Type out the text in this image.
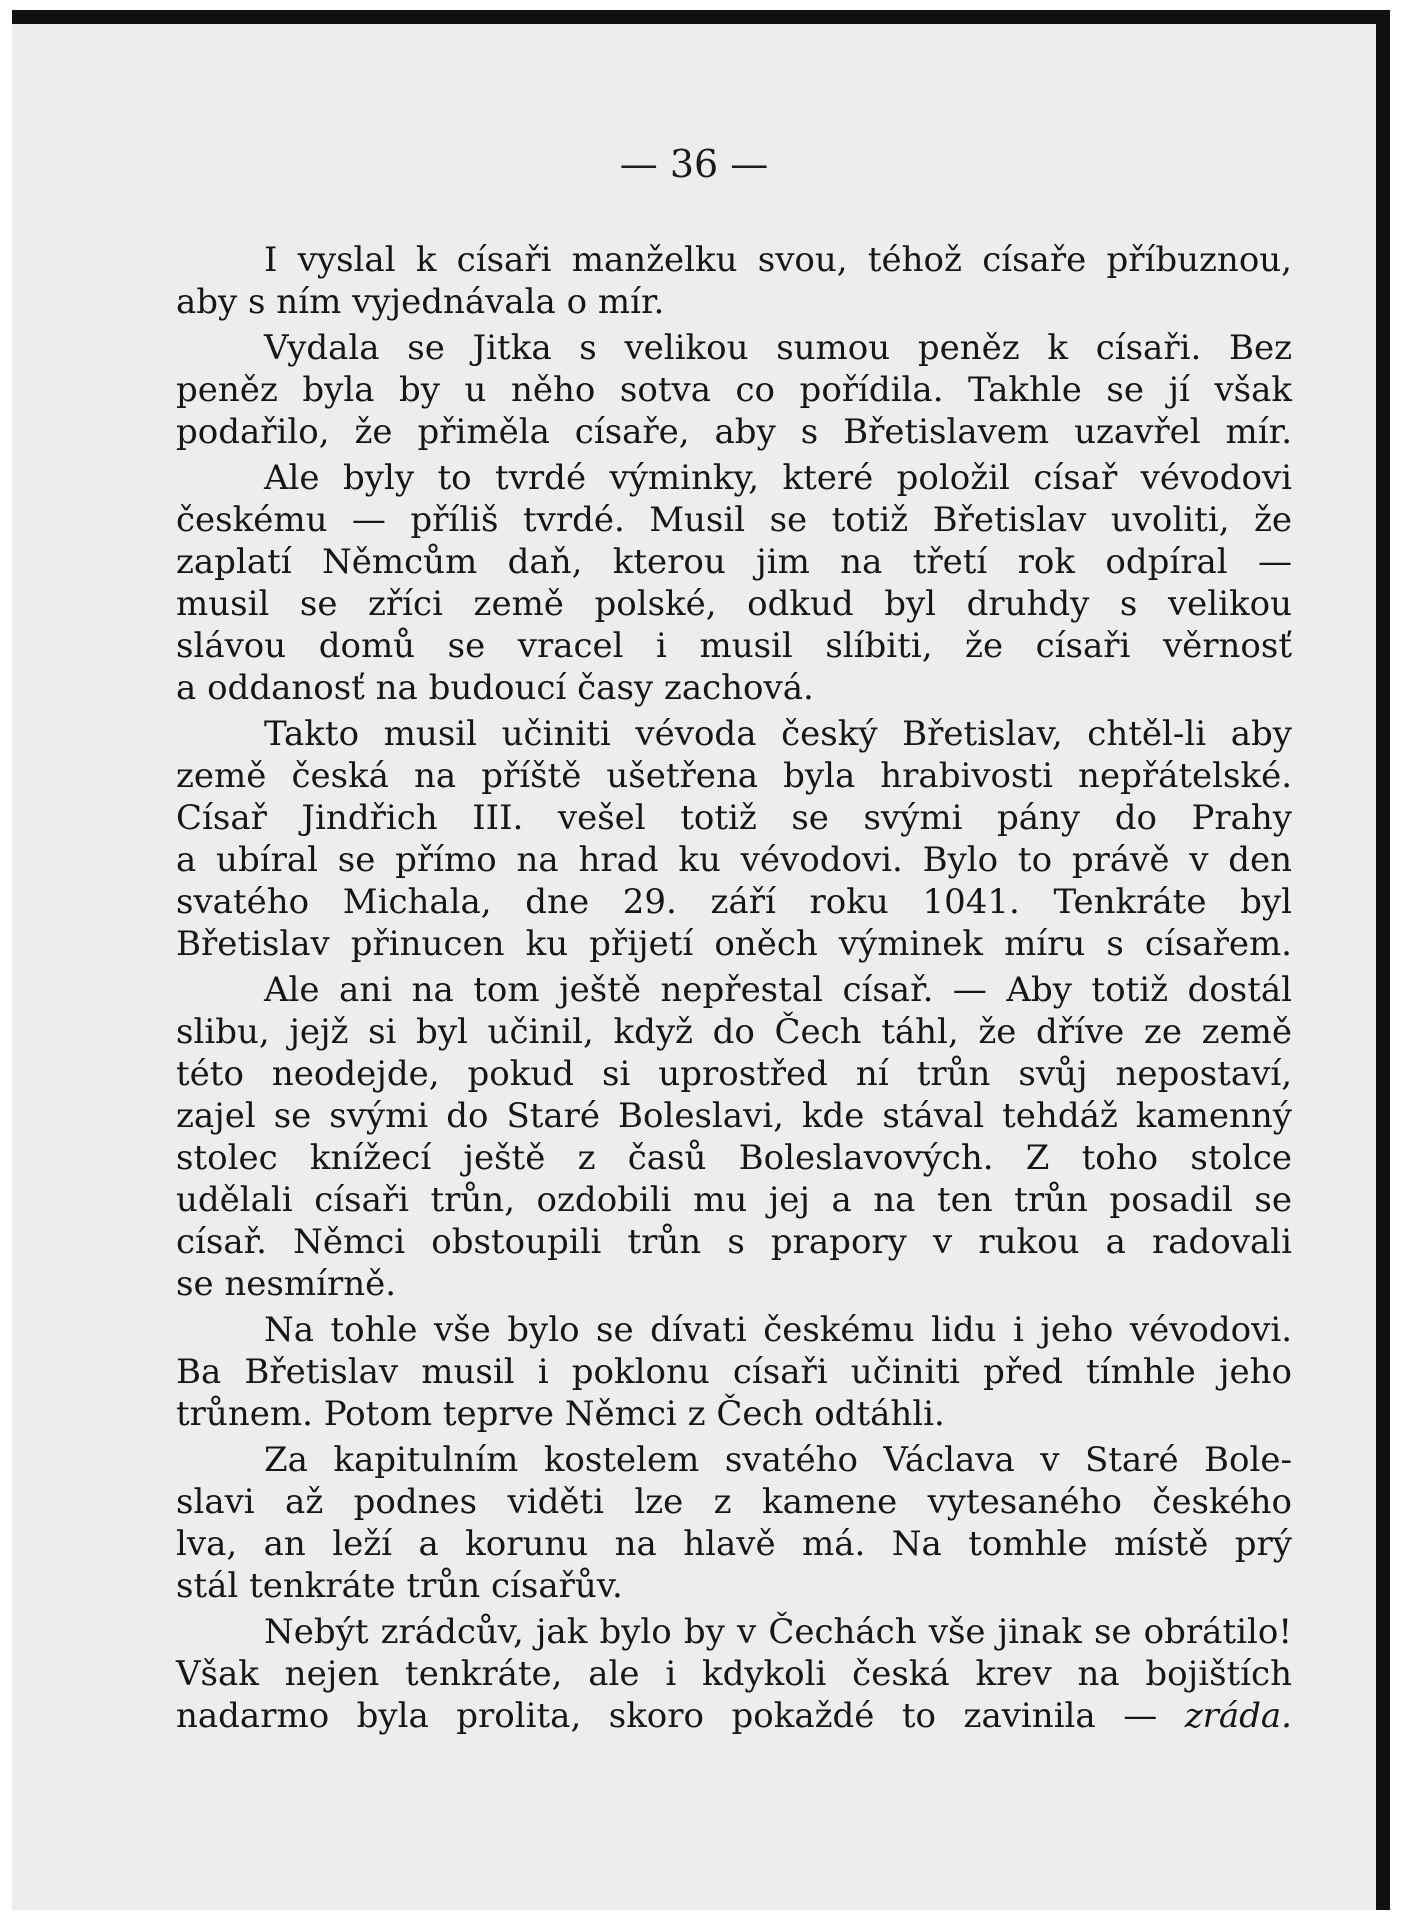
— 36 —

I vyslal k císaři manželku svou, téhož císaře příbuznou,
aby s ním vyjednávala o mír.

Vydala se Jitka s velikou sumou peněz k císaři. Bez
peněz byla by u něho sotva co pořídila. Takhle se jí však
podařilo, že přiměla císaře, aby s Břetislavem uzavřel mír.

Ale byly to tvrdé výminky, které položil císař vévodovi
českému — příliš tvrdé. Musil se totiž Břetislav uvoliti, že
zaplatí Němcům daň, kterou jim na třetí rok odpíral —
musil se zříci země polské, odkud byl druhdy s velikou
slávou domů se vracel i musil slíbiti, že císaři věrnosť
a oddanosť na budoucí časy zachová.

Takto musil učiniti vévoda český Břetislav, chtěl-li aby
země česká na příště ušetřena byla hrabivosti nepřátelské.
Císař Jindřich III. vešel totiž se svými pány do Prahy
a ubíral se přímo na hrad ku vévodovi. Bylo to právě v den
svatého Michala, dne 29. září roku 1041. Tenkráte byl
Břetislav přinucen ku přijetí oněch výminek míru s císařem.

Ale ani na tom ještě nepřestal císař. — Aby totiž dostál
slibu, jejž si byl učinil, když do Čech táhl, že dříve ze země
této neodejde, pokud si uprostřed ní trůn svůj nepostaví,
zajel se svými do Staré Boleslavi, kde stával tehdáž kamenný
stolec knížecí ještě z časů Boleslavových. Z toho stolce
udělali císaři trůn, ozdobili mu jej a na ten trůn posadil se
císař. Němci obstoupili trůn s prapory v rukou a radovali
se nesmírně.

Na tohle vše bylo se dívati českému lidu i jeho vévodovi.
Ba Břetislav musil i poklonu císaři učiniti před tímhle jeho
trůnem. Potom teprve Němci z Čech odtáhli.

Za kapitulním kostelem svatého Václava v Staré Bole-
slavi až podnes viděti lze z kamene vytesaného českého
lva, an leží a korunu na hlavě má. Na tomhle místě prý
stál tenkráte trůn císařův.

Nebýt zrádcův, jak bylo by v Čechách vše jinak se obrátilo!
Však nejen tenkráte, ale i kdykoli česká krev na bojištích
nadarmo byla prolita, skoro pokaždé to zavinila — zráda.
